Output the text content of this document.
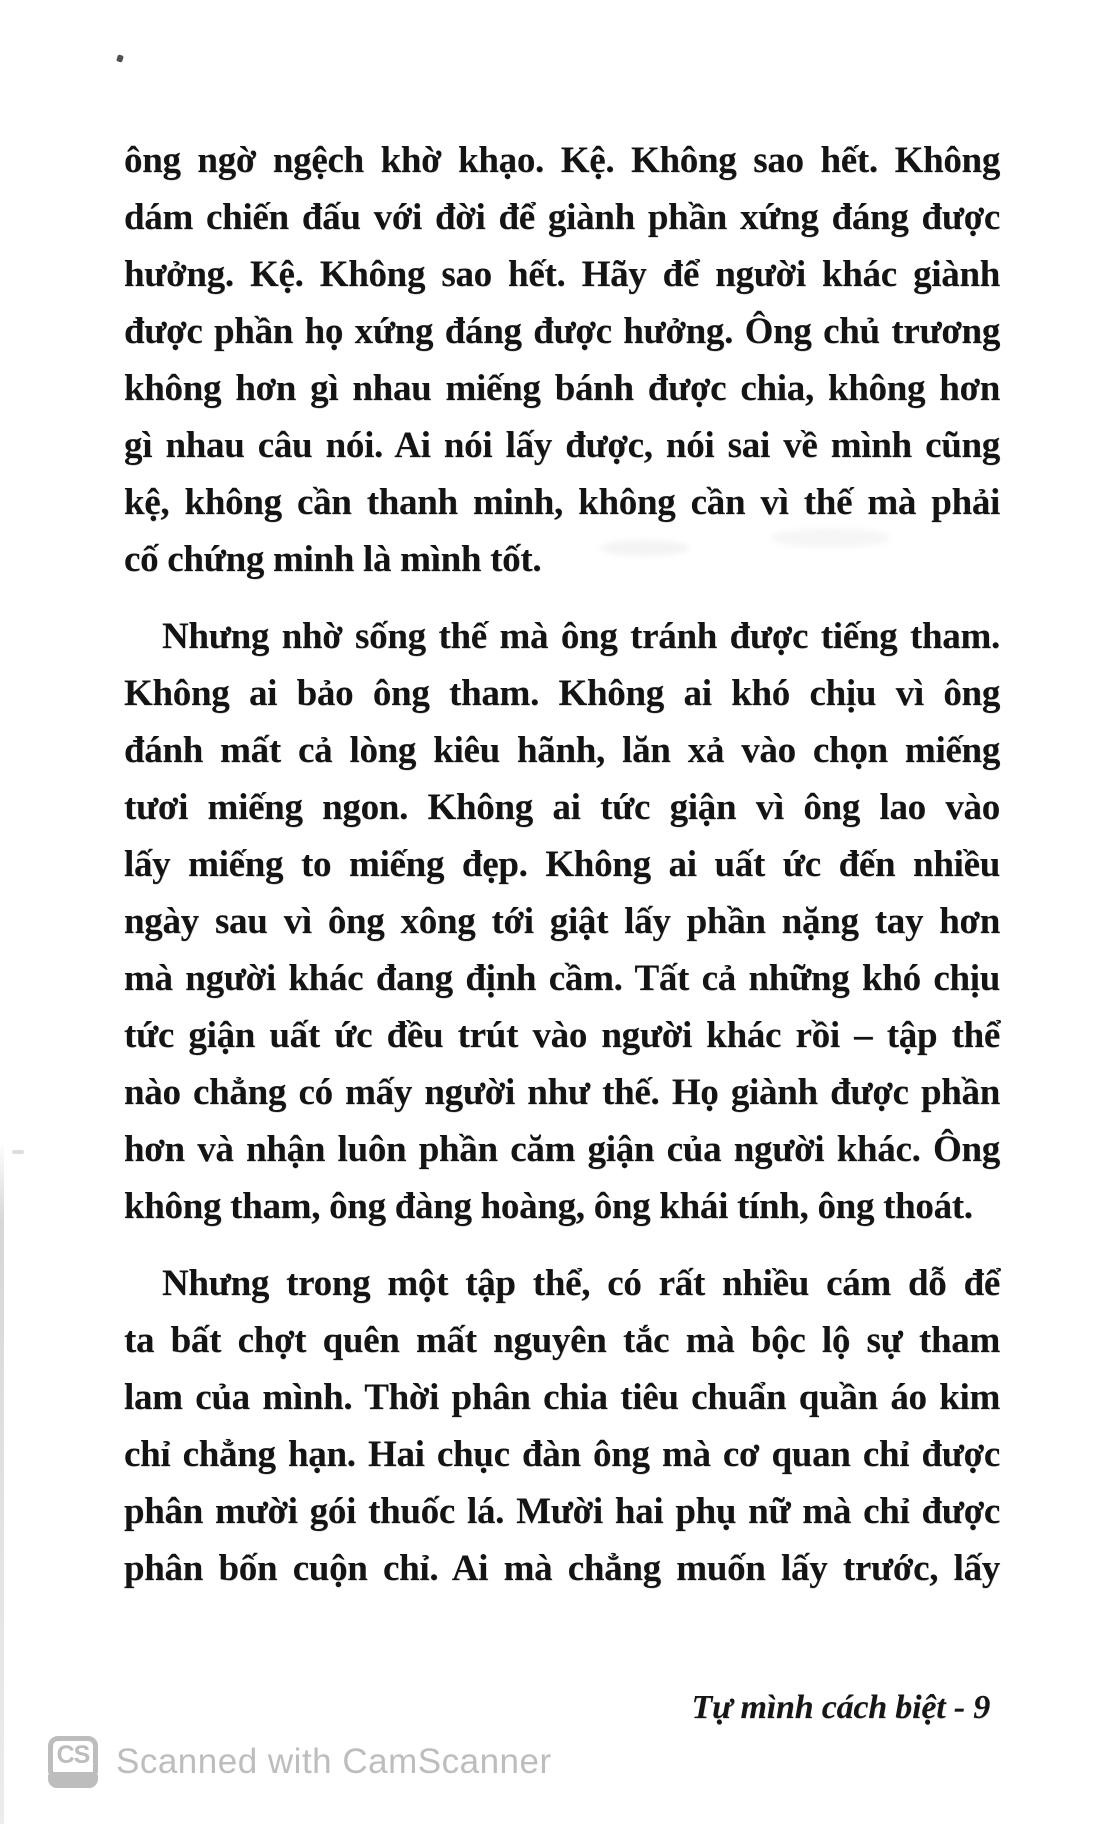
ông ngờ ngệch khờ khạo. Kệ. Không sao hết. Không
dám chiến đấu với đời để giành phần xứng đáng được
hưởng. Kệ. Không sao hết. Hãy để người khác giành
được phần họ xứng đáng được hưởng. Ông chủ trương
không hơn gì nhau miếng bánh được chia, không hơn
gì nhau câu nói. Ai nói lấy được, nói sai về mình cũng
kệ, không cần thanh minh, không cần vì thế mà phải
cố chứng minh là mình tốt.
Nhưng nhờ sống thế mà ông tránh được tiếng tham.
Không ai bảo ông tham. Không ai khó chịu vì ông
đánh mất cả lòng kiêu hãnh, lăn xả vào chọn miếng
tươi miếng ngon. Không ai tức giận vì ông lao vào
lấy miếng to miếng đẹp. Không ai uất ức đến nhiều
ngày sau vì ông xông tới giật lấy phần nặng tay hơn
mà người khác đang định cầm. Tất cả những khó chịu
tức giận uất ức đều trút vào người khác rồi – tập thể
nào chẳng có mấy người như thế. Họ giành được phần
hơn và nhận luôn phần căm giận của người khác. Ông
không tham, ông đàng hoàng, ông khái tính, ông thoát.
Nhưng trong một tập thể, có rất nhiều cám dỗ để
ta bất chợt quên mất nguyên tắc mà bộc lộ sự tham
lam của mình. Thời phân chia tiêu chuẩn quần áo kim
chỉ chẳng hạn. Hai chục đàn ông mà cơ quan chỉ được
phân mười gói thuốc lá. Mười hai phụ nữ mà chỉ được
phân bốn cuộn chỉ. Ai mà chẳng muốn lấy trước, lấy
Tự mình cách biệt - 9
CS Scanned with CamScanner
